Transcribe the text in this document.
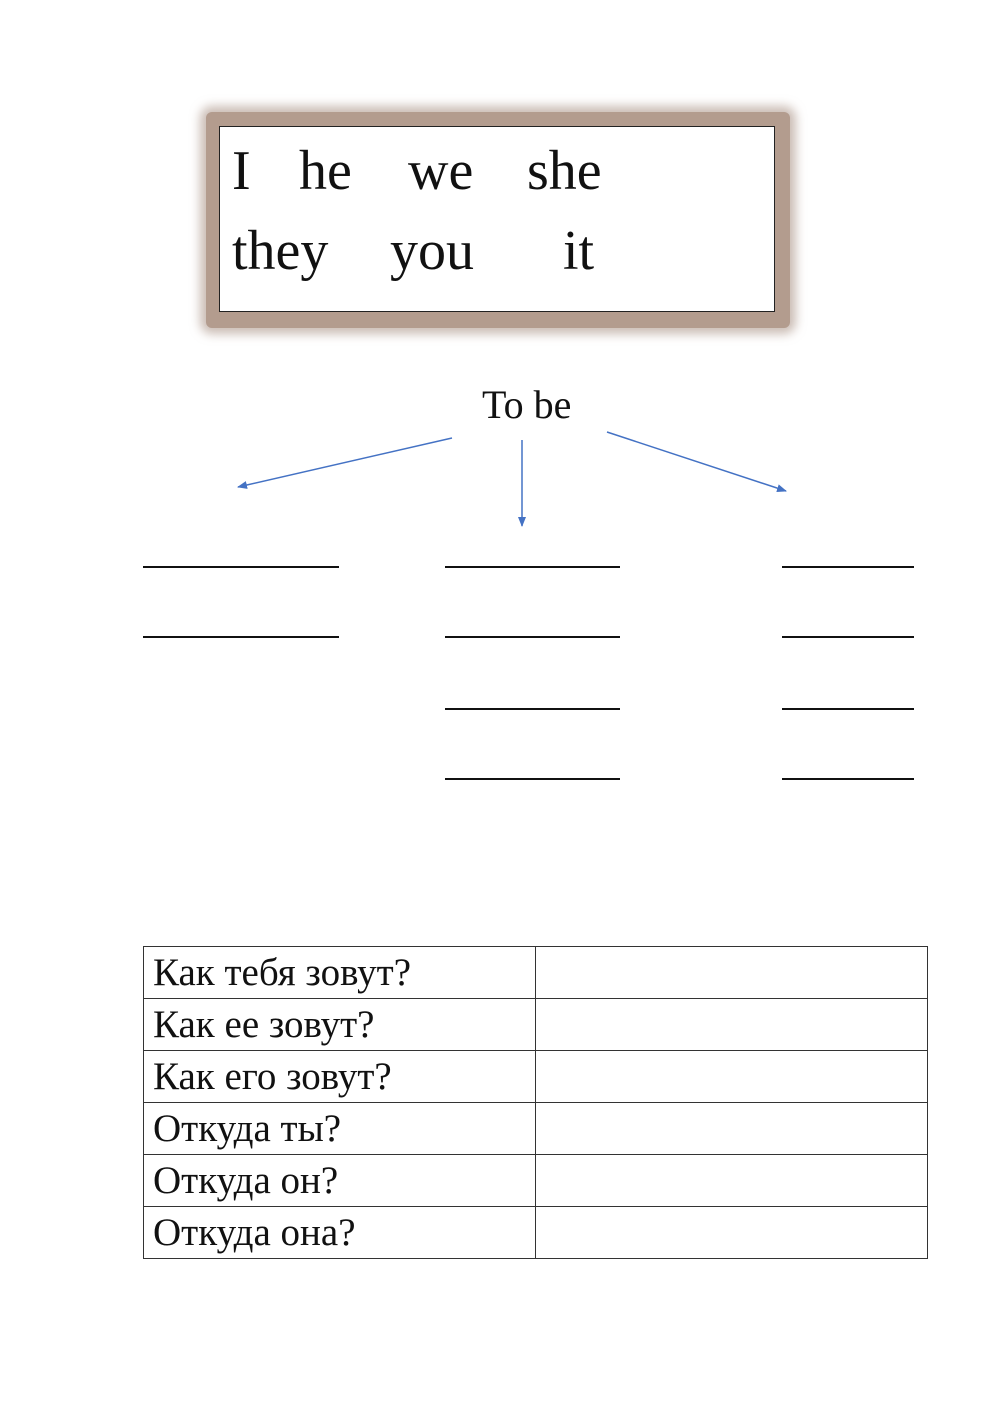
I he we she
they you it
To be
Как тебя зовут?	
Как ее зовут?	
Как его зовут?	
Откуда ты?	
Откуда он?	
Откуда она?	
